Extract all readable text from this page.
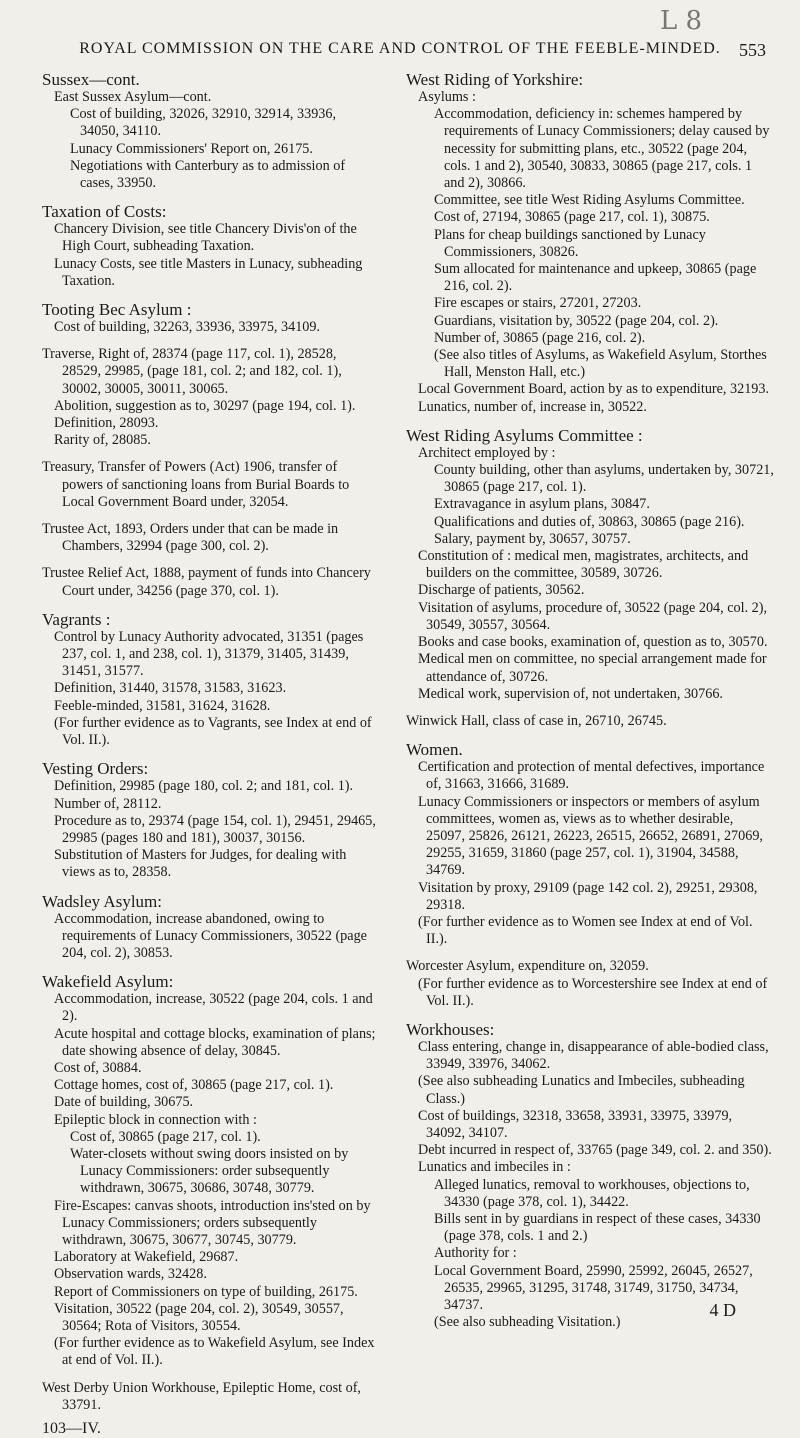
L 8
ROYAL COMMISSION ON THE CARE AND CONTROL OF THE FEEBLE-MINDED.	553

Sussex—cont.

East Sussex Asylum—cont.

Cost of building, 32026, 32910, 32914, 33936, 34050, 34110.

Lunacy Commissioners' Report on, 26175.

Negotiations with Canterbury as to admission of cases, 33950.

Taxation of Costs:

Chancery Division, see title Chancery Divis'on of the High Court, subheading Taxation.

Lunacy Costs, see title Masters in Lunacy, subheading Taxation.

Tooting Bec Asylum :

Cost of building, 32263, 33936, 33975, 34109.

Traverse, Right of, 28374 (page 117, col. 1), 28528, 28529, 29985, (page 181, col. 2; and 182, col. 1), 30002, 30005, 30011, 30065.

Abolition, suggestion as to, 30297 (page 194, col. 1).

Definition, 28093.

Rarity of, 28085.

Treasury, Transfer of Powers (Act) 1906, transfer of powers of sanctioning loans from Burial Boards to Local Government Board under, 32054.

Trustee Act, 1893, Orders under that can be made in Chambers, 32994 (page 300, col. 2).

Trustee Relief Act, 1888, payment of funds into Chancery Court under, 34256 (page 370, col. 1).

Vagrants :

Control by Lunacy Authority advocated, 31351 (pages 237, col. 1, and 238, col. 1), 31379, 31405, 31439, 31451, 31577.

Definition, 31440, 31578, 31583, 31623.

Feeble-minded, 31581, 31624, 31628.

(For further evidence as to Vagrants, see Index at end of Vol. II.).

Vesting Orders:

Definition, 29985 (page 180, col. 2; and 181, col. 1).

Number of, 28112.

Procedure as to, 29374 (page 154, col. 1), 29451, 29465, 29985 (pages 180 and 181), 30037, 30156.

Substitution of Masters for Judges, for dealing with views as to, 28358.

Wadsley Asylum:

Accommodation, increase abandoned, owing to requirements of Lunacy Commissioners, 30522 (page 204, col. 2), 30853.

Wakefield Asylum:

Accommodation, increase, 30522 (page 204, cols. 1 and 2).

Acute hospital and cottage blocks, examination of plans; date showing absence of delay, 30845.

Cost of, 30884.

Cottage homes, cost of, 30865 (page 217, col. 1).

Date of building, 30675.

Epileptic block in connection with :

Cost of, 30865 (page 217, col. 1).

Water-closets without swing doors insisted on by Lunacy Commissioners: order subsequently withdrawn, 30675, 30686, 30748, 30779.

Fire-Escapes: canvas shoots, introduction ins'sted on by Lunacy Commissioners; orders subsequently withdrawn, 30675, 30677, 30745, 30779.

Laboratory at Wakefield, 29687.

Observation wards, 32428.

Report of Commissioners on type of building, 26175.

Visitation, 30522 (page 204, col. 2), 30549, 30557, 30564; Rota of Visitors, 30554.

(For further evidence as to Wakefield Asylum, see Index at end of Vol. II.).

West Derby Union Workhouse, Epileptic Home, cost of, 33791.

103—IV.

West Riding of Yorkshire:

Asylums :

Accommodation, deficiency in: schemes hampered by requirements of Lunacy Commissioners; delay caused by necessity for submitting plans, etc., 30522 (page 204, cols. 1 and 2), 30540, 30833, 30865 (page 217, cols. 1 and 2), 30866.

Committee, see title West Riding Asylums Committee.

Cost of, 27194, 30865 (page 217, col. 1), 30875.

Plans for cheap buildings sanctioned by Lunacy Commissioners, 30826.

Sum allocated for maintenance and upkeep, 30865 (page 216, col. 2).

Fire escapes or stairs, 27201, 27203.

Guardians, visitation by, 30522 (page 204, col. 2).

Number of, 30865 (page 216, col. 2).

(See also titles of Asylums, as Wakefield Asylum, Storthes Hall, Menston Hall, etc.)

Local Government Board, action by as to expenditure, 32193.

Lunatics, number of, increase in, 30522.

West Riding Asylums Committee :

Architect employed by :

County building, other than asylums, undertaken by, 30721, 30865 (page 217, col. 1).

Extravagance in asylum plans, 30847.

Qualifications and duties of, 30863, 30865 (page 216).

Salary, payment by, 30657, 30757.

Constitution of : medical men, magistrates, architects, and builders on the committee, 30589, 30726.

Discharge of patients, 30562.

Visitation of asylums, procedure of, 30522 (page 204, col. 2), 30549, 30557, 30564.

Books and case books, examination of, question as to, 30570.

Medical men on committee, no special arrangement made for attendance of, 30726.

Medical work, supervision of, not undertaken, 30766.

Winwick Hall, class of case in, 26710, 26745.

Women.

Certification and protection of mental defectives, importance of, 31663, 31666, 31689.

Lunacy Commissioners or inspectors or members of asylum committees, women as, views as to whether desirable, 25097, 25826, 26121, 26223, 26515, 26652, 26891, 27069, 29255, 31659, 31860 (page 257, col. 1), 31904, 34588, 34769.

Visitation by proxy, 29109 (page 142 col. 2), 29251, 29308, 29318.

(For further evidence as to Women see Index at end of Vol. II.).

Worcester Asylum, expenditure on, 32059.

(For further evidence as to Worcestershire see Index at end of Vol. II.).

Workhouses:

Class entering, change in, disappearance of able-bodied class, 33949, 33976, 34062.

(See also subheading Lunatics and Imbeciles, subheading Class.)

Cost of buildings, 32318, 33658, 33931, 33975, 33979, 34092, 34107.

Debt incurred in respect of, 33765 (page 349, col. 2. and 350).

Lunatics and imbeciles in :

Alleged lunatics, removal to workhouses, objections to, 34330 (page 378, col. 1), 34422.

Bills sent in by guardians in respect of these cases, 34330 (page 378, cols. 1 and 2.)

Authority for :

Local Government Board, 25990, 25992, 26045, 26527, 26535, 29965, 31295, 31748, 31749, 31750, 34734, 34737.

(See also subheading Visitation.)

4 D
